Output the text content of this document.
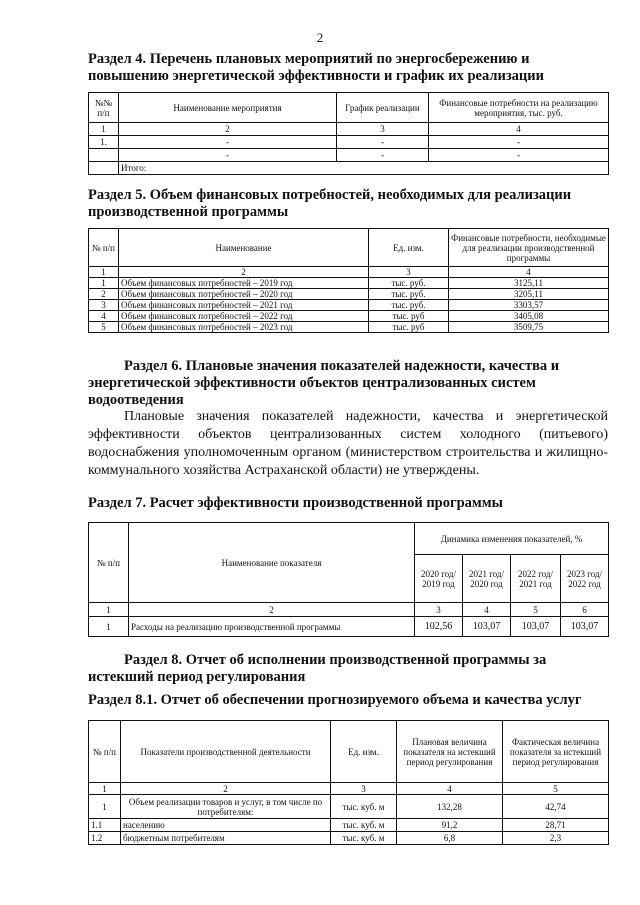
2
Раздел 4. Перечень плановых мероприятий по энергосбережению и повышению энергетической эффективности и график их реализации
№№ п/п	Наименование мероприятия	График реализации	Финансовые потребности на реализацию мероприятия, тыс. руб.
1	2	3	4
1.	-	-	-
	-	-	-
	Итого:		
Раздел 5. Объем финансовых потребностей, необходимых для реализации производственной программы
№ п/п	Наименование	Ед. изм.	Финансовые потребности, необходимые для реализации производственной программы
1	2	3	4
1	Объем финансовых потребностей – 2019 год	тыс. руб.	3125,11
2	Объем финансовых потребностей – 2020 год	тыс. руб.	3205,11
3	Объем финансовых потребностей – 2021 год	тыс. руб.	3303,57
4	Объем финансовых потребностей – 2022 год	тыс. руб	3405,08
5	Объем финансовых потребностей – 2023 год	тыс. руб	3509,75
Раздел 6. Плановые значения показателей надежности, качества и энергетической эффективности объектов централизованных систем водоотведения
Плановые значения показателей надежности, качества и энергетической эффективности объектов централизованных систем холодного (питьевого) водоснабжения уполномоченным органом (министерством строительства и жилищно-коммунального хозяйства Астраханской области) не утверждены.
Раздел 7. Расчет эффективности производственной программы
№ п/п	Наименование показателя	Динамика изменения показателей, %			
		2020 год/ 2019 год	2021 год/ 2020 год	2022 год/ 2021 год	2023 год/ 2022 год
1	2	3	4	5	6
1	Расходы на реализацию производственной программы	102,56	103,07	103,07	103,07
Раздел 8. Отчет об исполнении производственной программы за истекший период регулирования
Раздел 8.1. Отчет об обеспечении прогнозируемого объема и качества услуг
№ п/п	Показатели производственной деятельности	Ед. изм.	Плановая величина показателя на истекший период регулирования	Фактическая величина показателя за истекший период регулирования
1	2	3	4	5
1	Объем реализации товаров и услуг, в том числе по потребителям:	тыс. куб. м	132,28	42,74
1.1	населению	тыс. куб. м	91,2	28,71
1.2	бюджетным потребителям	тыс. куб. м	6,8	2,3
